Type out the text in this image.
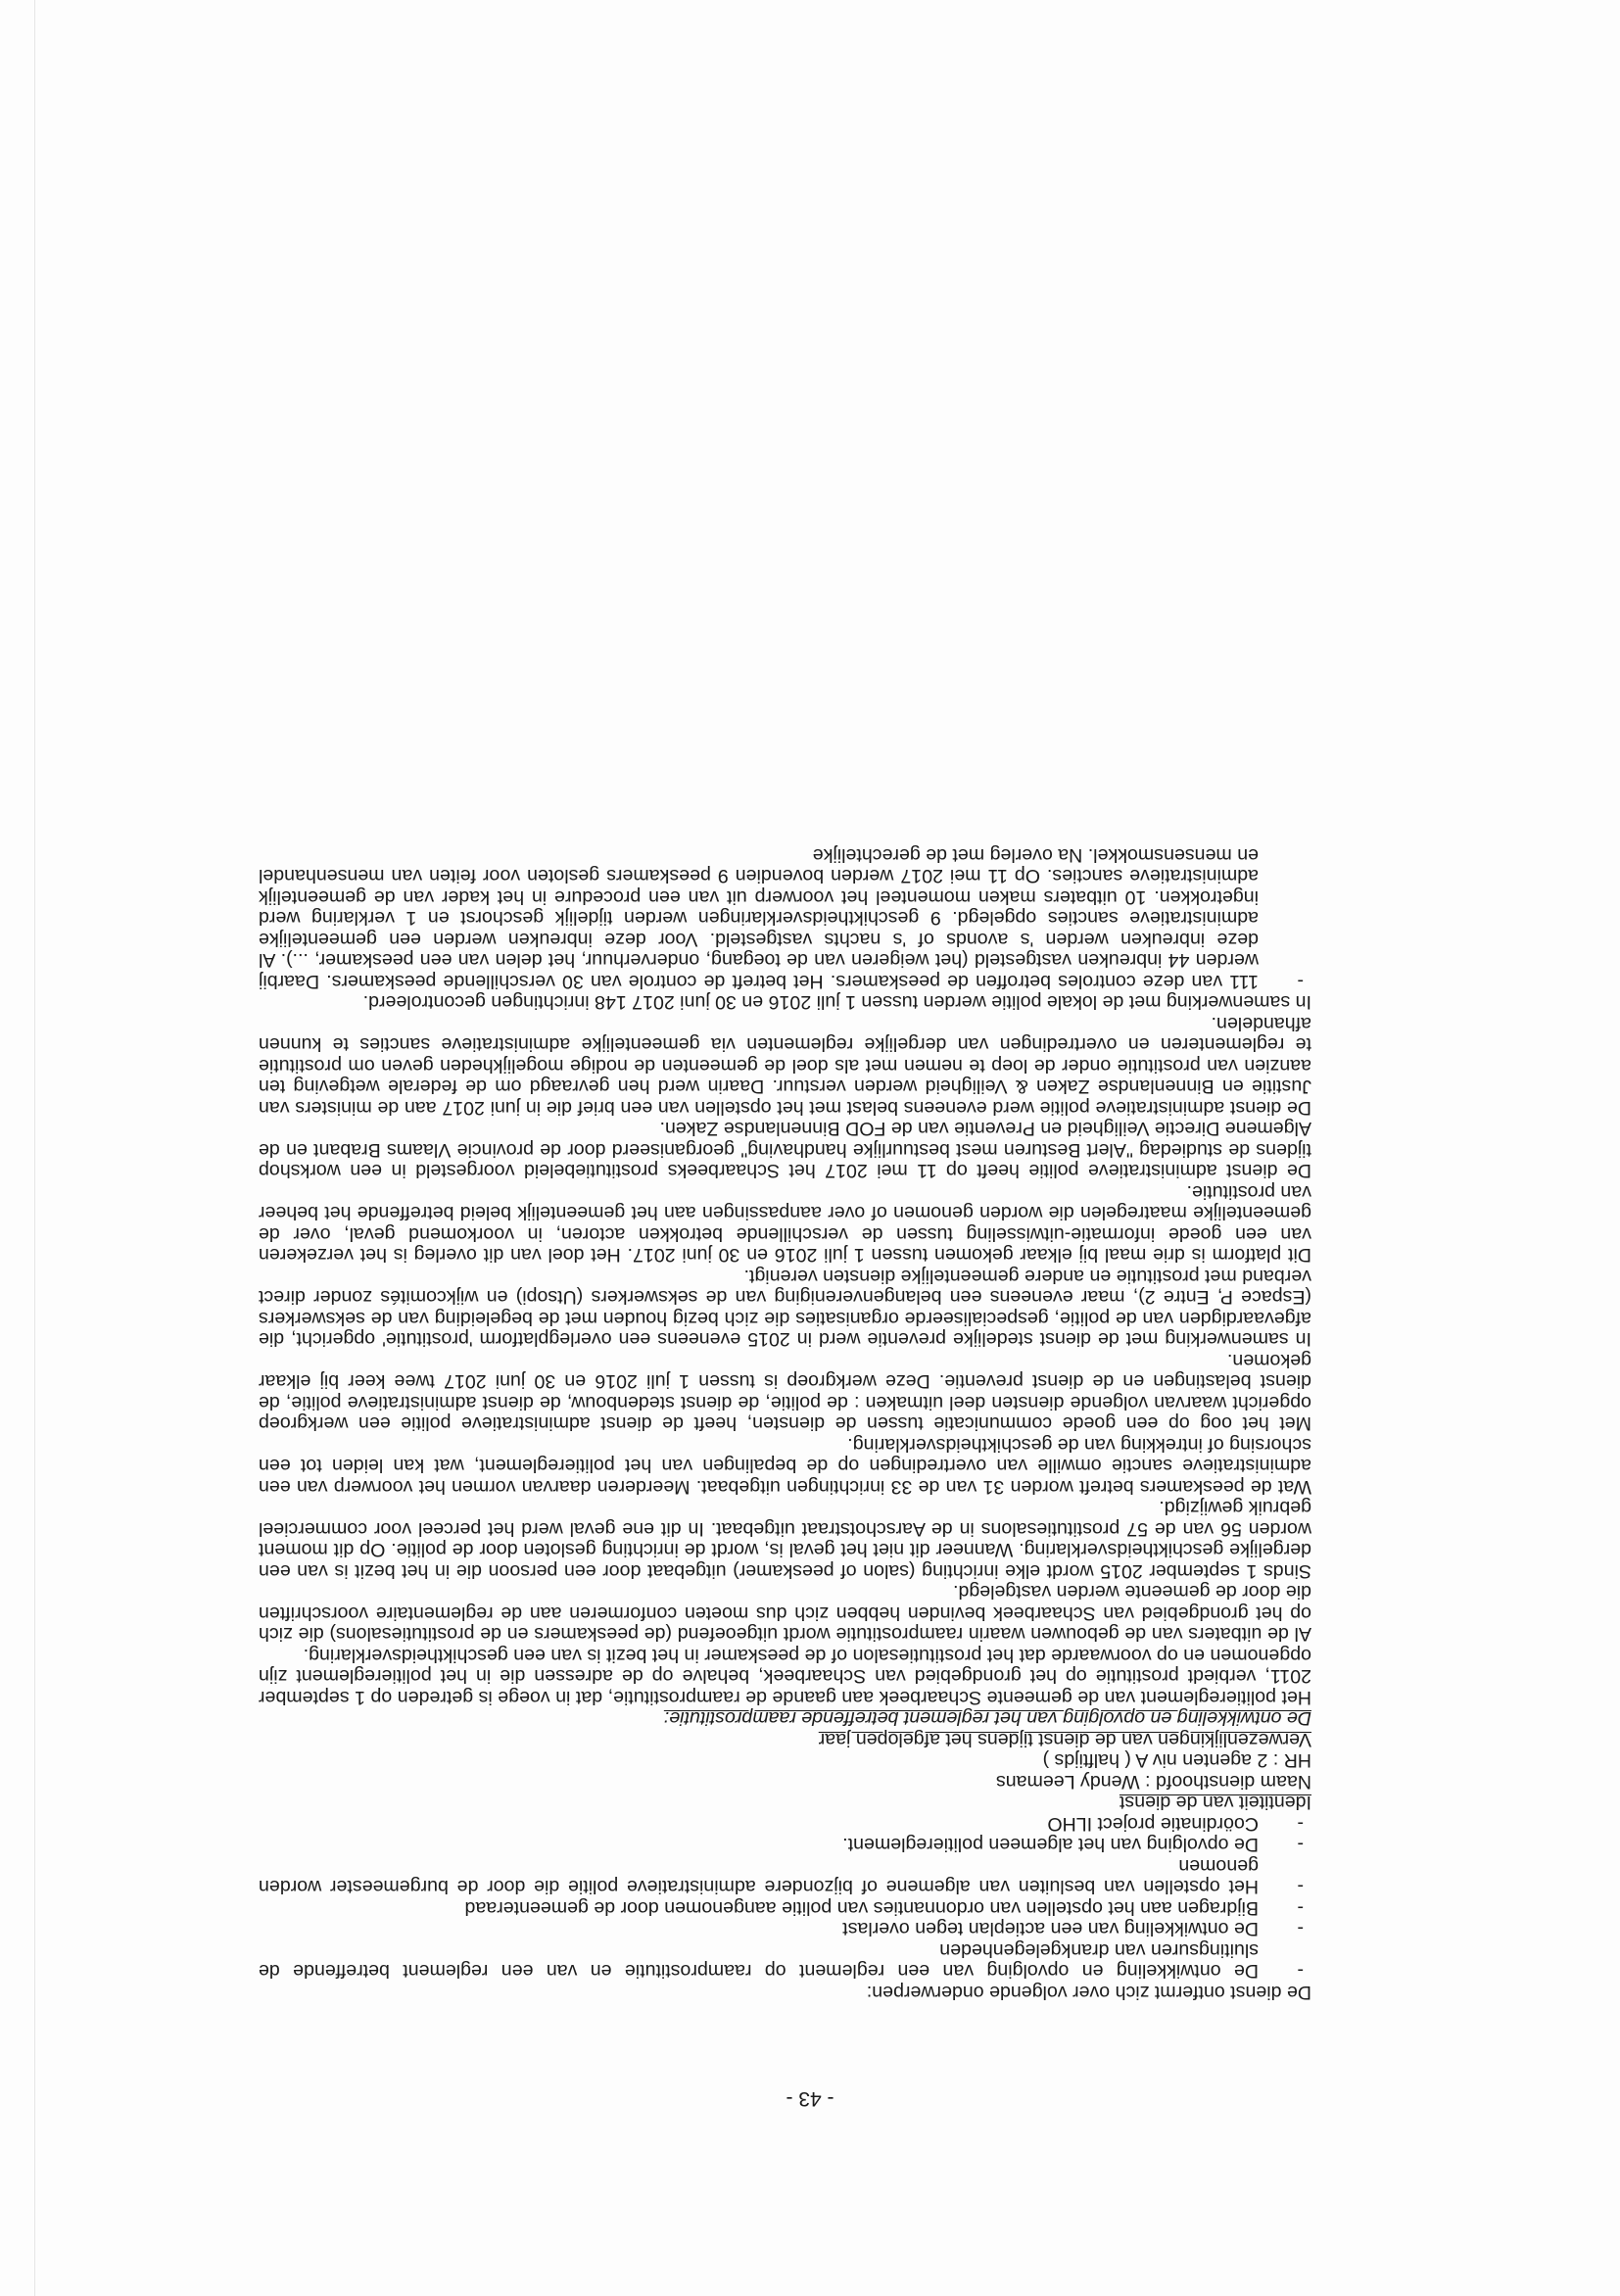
- 43 -

De dienst ontfermt zich over volgende onderwerpen:

- De ontwikkeling en opvolging van een reglement op raamprostitutie en van een reglement betreffende de sluitingsuren van drankgelegenheden
- De ontwikkeling van een actieplan tegen overlast
- Bijdragen aan het opstellen van ordonnanties van politie aangenomen door de gemeenteraad
- Het opstellen van besluiten van algemene of bijzondere administratieve politie die door de burgemeester worden genomen
- De opvolging van het algemeen politiereglement.
- Coördinatie project ILHO

Identiteit van de dienst

Naam diensthoofd : Wendy Leemans

HR : 2 agenten niv A ( halftijds )

Verwezenlijkingen van de dienst tijdens het afgelopen jaar

De ontwikkeling en opvolging van het reglement betreffende raamprostitutie:

Het politiereglement van de gemeente Schaarbeek aan gaande de raamprostitutie, dat in voege is getreden op 1 september 2011, verbiedt prostitutie op het grondgebied van Schaarbeek, behalve op de adressen die in het politiereglement zijn opgenomen en op voorwaarde dat het prostitutiesalon of de peeskamer in het bezit is van een geschiktheidsverklaring.

Al de uitbaters van de gebouwen waarin raamprostitutie wordt uitgeoefend (de peeskamers en de prostitutiesalons) die zich op het grondgebied van Schaarbeek bevinden hebben zich dus moeten conformeren aan de reglementaire voorschriften die door de gemeente werden vastgelegd.

Sinds 1 september 2015 wordt elke inrichting (salon of peeskamer) uitgebaat door een persoon die in het bezit is van een dergelijke geschiktheidsverklaring. Wanneer dit niet het geval is, wordt de inrichting gesloten door de politie. Op dit moment worden 56 van de 57 prostitutiesalons in de Aarschotstraat uitgebaat. In dit ene geval werd het perceel voor commercieel gebruik gewijzigd.

Wat de peeskamers betreft worden 31 van de 33 inrichtingen uitgebaat. Meerderen daarvan vormen het voorwerp van een administratieve sanctie omwille van overtredingen op de bepalingen van het politiereglement, wat kan leiden tot een schorsing of intrekking van de geschiktheidsverklaring.

Met het oog op een goede communicatie tussen de diensten, heeft de dienst administratieve politie een werkgroep opgericht waarvan volgende diensten deel uitmaken : de politie, de dienst stedenbouw, de dienst administratieve politie, de dienst belastingen en de dienst preventie. Deze werkgroep is tussen 1 juli 2016 en 30 juni 2017 twee keer bij elkaar gekomen.

In samenwerking met de dienst stedelijke preventie werd in 2015 eveneens een overlegplatform 'prostitutie' opgericht, die afgevaardigden van de politie, gespecialiseerde organisaties die zich bezig houden met de begeleiding van de sekswerkers (Espace P, Entre 2), maar eveneens een belangenvereniging van de sekswerkers (Utsopi) en wijkcomités zonder direct verband met prostitutie en andere gemeentelijke diensten verenigt.

Dit platform is drie maal bij elkaar gekomen tussen 1 juli 2016 en 30 juni 2017. Het doel van dit overleg is het verzekeren van een goede informatie-uitwisseling tussen de verschillende betrokken actoren, in voorkomend geval, over de gemeentelijke maatregelen die worden genomen of over aanpassingen aan het gemeentelijk beleid betreffende het beheer van prostitutie.

De dienst administratieve politie heeft op 11 mei 2017 het Schaarbeeks prostitutiebeleid voorgesteld in een workshop tijdens de studiedag "Alert Besturen mest bestuurlijke handhaving" georganiseerd door de provincie Vlaams Brabant en de Algemene Directie Veiligheid en Preventie van de FOD Binnenlandse Zaken.

De dienst administratieve politie werd eveneens belast met het opstellen van een brief die in juni 2017 aan de ministers van Justitie en Binnenlandse Zaken & Veiligheid werden verstuur. Daarin werd hen gevraagd om de federale wetgeving ten aanzien van prostitutie onder de loep te nemen met als doel de gemeenten de nodige mogelijkheden geven om prostitutie te reglementeren en overtredingen van dergelijke reglementen via gemeentelijke administratieve sancties te kunnen afhandelen.

In samenwerking met de lokale politie werden tussen 1 juli 2016 en 30 juni 2017 148 inrichtingen gecontroleerd.

- 111 van deze controles betroffen de peeskamers. Het betreft de controle van 30 verschillende peeskamers. Daarbij werden 44 inbreuken vastgesteld (het weigeren van de toegang, onderverhuur, het delen van een peeskamer, ...). Al deze inbreuken werden 's avonds of 's nachts vastgesteld. Voor deze inbreuken werden een gemeentelijke administratieve sancties opgelegd. 9 geschiktheidsverklaringen werden tijdelijk geschorst en 1 verklaring werd ingetrokken. 10 uitbaters maken momenteel het voorwerp uit van een procedure in het kader van de gemeentelijk administratieve sancties. Op 11 mei 2017 werden bovendien 9 peeskamers gesloten voor feiten van mensenhandel en mensensmokkel. Na overleg met de gerechtelijke
